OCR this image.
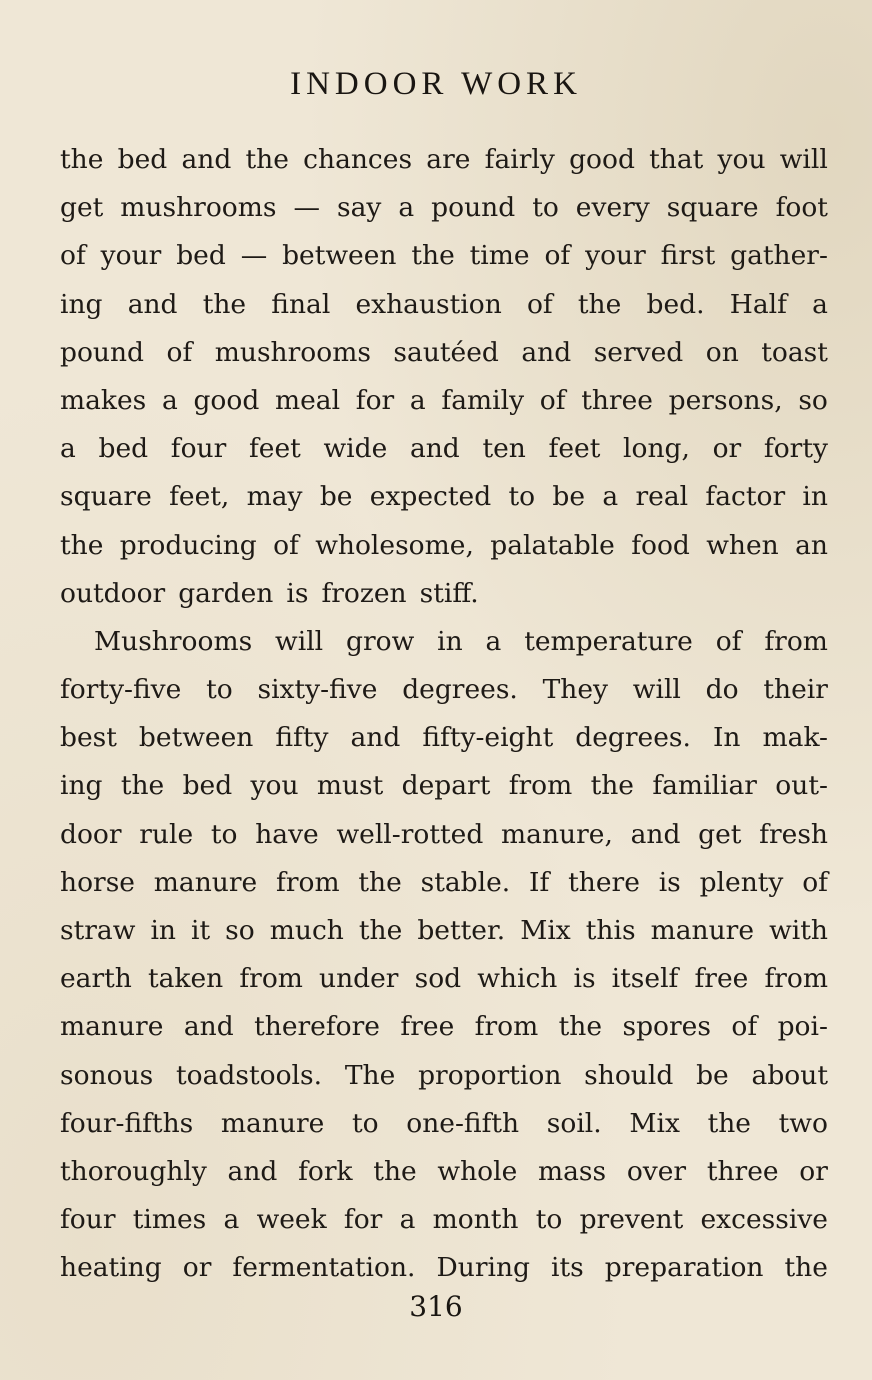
INDOOR WORK
the bed and the chances are fairly good that you will
get mushrooms — say a pound to every square foot
of your bed — between the time of your first gather-
ing and the final exhaustion of the bed. Half a
pound of mushrooms sautéed and served on toast
makes a good meal for a family of three persons, so
a bed four feet wide and ten feet long, or forty
square feet, may be expected to be a real factor in
the producing of wholesome, palatable food when an
outdoor garden is frozen stiff.
Mushrooms will grow in a temperature of from
forty-five to sixty-five degrees. They will do their
best between fifty and fifty-eight degrees. In mak-
ing the bed you must depart from the familiar out-
door rule to have well-rotted manure, and get fresh
horse manure from the stable. If there is plenty of
straw in it so much the better. Mix this manure with
earth taken from under sod which is itself free from
manure and therefore free from the spores of poi-
sonous toadstools. The proportion should be about
four-fifths manure to one-fifth soil. Mix the two
thoroughly and fork the whole mass over three or
four times a week for a month to prevent excessive
heating or fermentation. During its preparation the
316
